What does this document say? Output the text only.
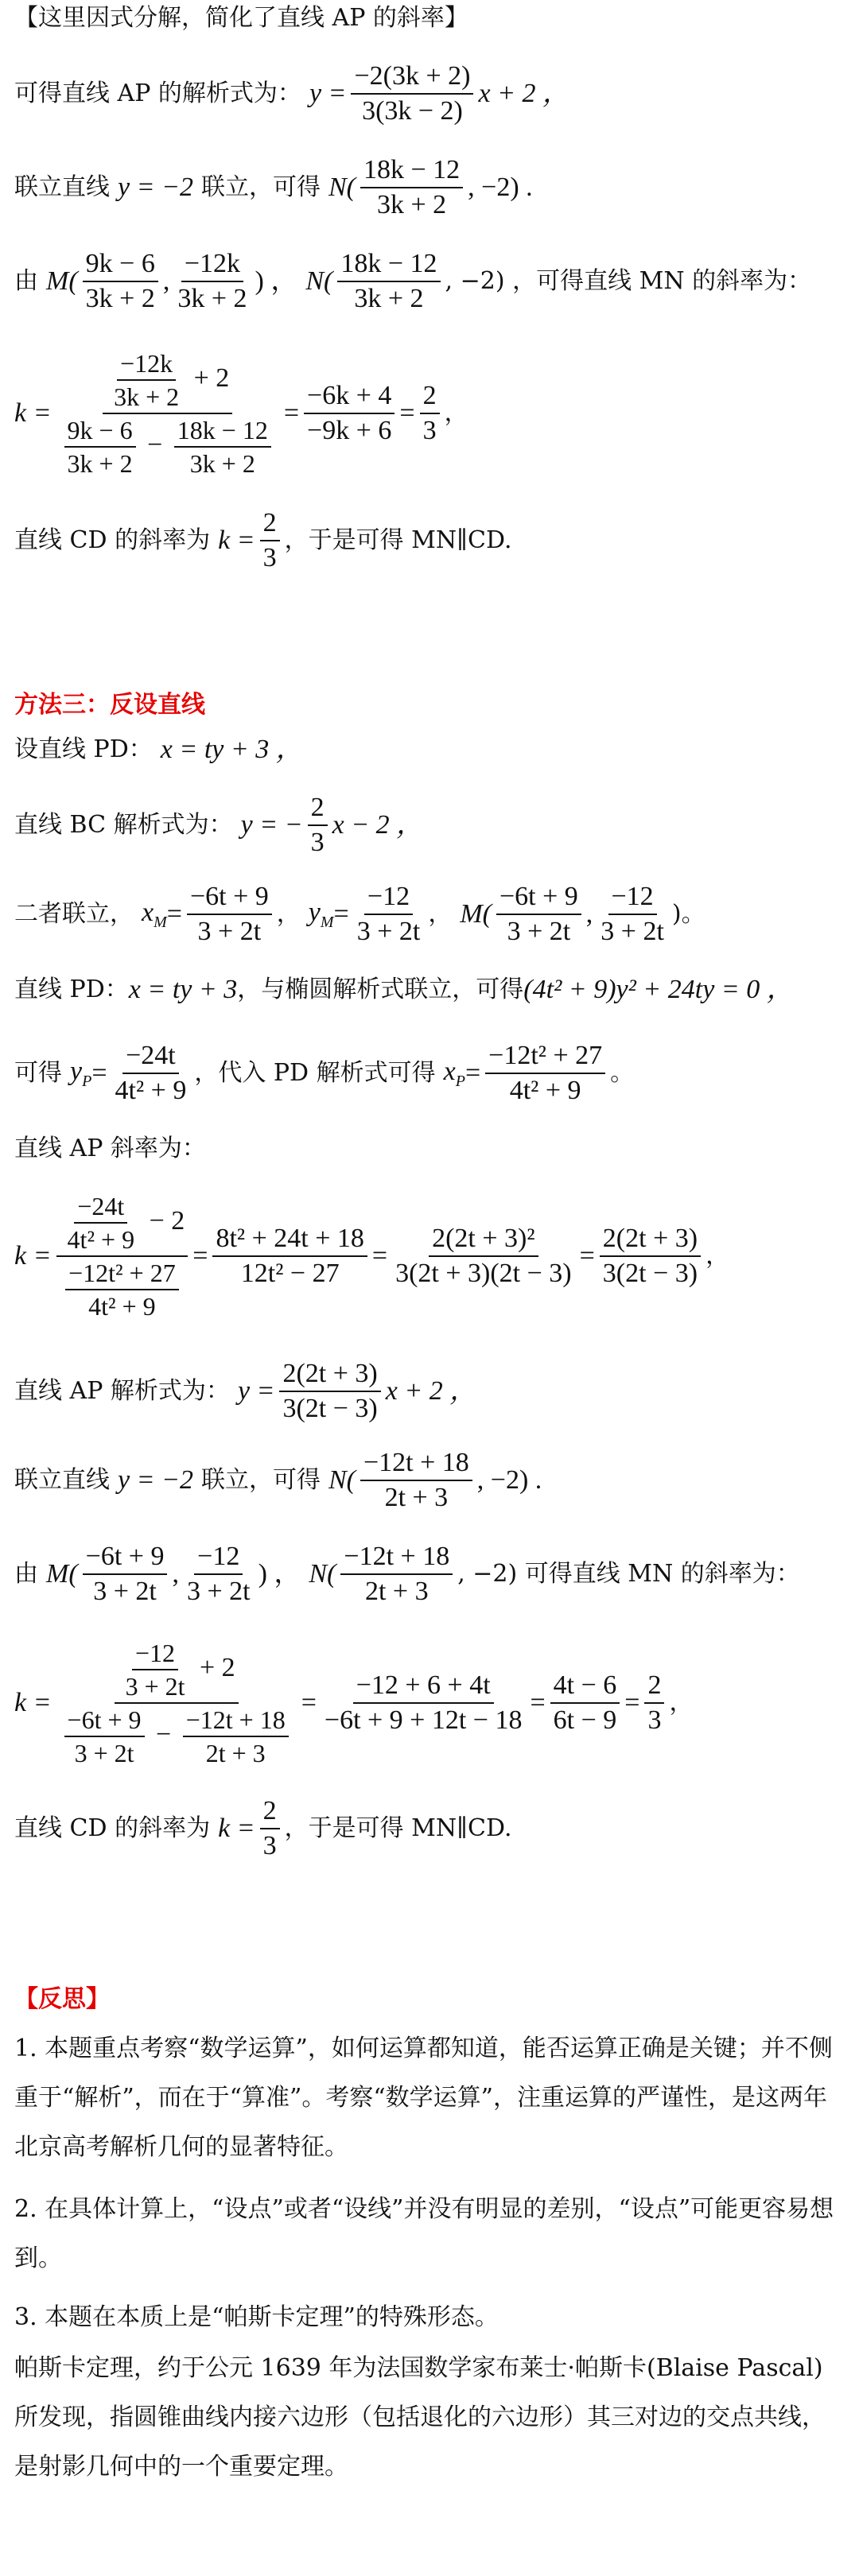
【这里因式分解，简化了直线 AP 的斜率】
可得直线 AP 的解析式为： $y = \frac{-2(3k + 2)}{3(3k - 2)}$ x + 2 ，
联立直线 y = −2 联立，可得 $N( \frac{18k - 12}{3k + 2}$ , −2) .
由 $M( \frac{9k - 6}{3k + 2}$ , $\frac{-12k}{3k + 2}$ ) ， $N( \frac{18k - 12}{3k + 2}$ , −2) ，可得直线 MN 的斜率为：
$k = \frac{\frac{-12k}{3k + 2} + 2}{\frac{9k - 6}{3k + 2} - \frac{18k - 12}{3k + 2}} = \frac{-6k + 4}{-9k + 6} = \frac{2}{3}$ ，
直线 CD 的斜率为 $k = \frac{2}{3}$ ，于是可得 MN∥CD.
方法三：反设直线
设直线 PD： x = ty + 3 ，
直线 BC 解析式为： y = − $\frac{2}{3}$ x − 2 ，
二者联立， $x_M = \frac{-6t + 9}{3 + 2t}$ ， $y_M = \frac{-12}{3 + 2t}$ ， $M( \frac{-6t + 9}{3 + 2t}$ , $\frac{-12}{3 + 2t}$ )。
直线 PD： x = ty + 3 ，与椭圆解析式联立，可得 (4t² + 9)y² + 24ty = 0 ，
可得 $y_P = \frac{-24t}{\text{4t² + 9}}$ ，代入 PD 解析式可得 $x_P = \frac{\text{−12t² + 27}}{\text{4t² + 9}}$ 。
直线 AP 斜率为：
$k = \frac{\frac{-24t}{\text{4t² + 9}} - 2}{\frac{\text{−12t² + 27}}{\text{4t² + 9}}} = \frac{\text{8t² + 24t + 18}}{\text{12t² − 27}} = \frac{\text{2(2t + 3)²}}{3(2t + 3)(2t - 3)} = \frac{2(2t + 3)}{3(2t - 3)}$ ，
直线 AP 解析式为： $y = \frac{2(2t + 3)}{3(2t - 3)}$ x + 2 ，
联立直线 y = −2 联立，可得 $N( \frac{-12t + 18}{2t + 3}$ , −2) .
由 $M( \frac{-6t + 9}{3 + 2t}$ , $\frac{-12}{3 + 2t}$ ) ， $N( \frac{-12t + 18}{2t + 3}$ , −2) 可得直线 MN 的斜率为：
$k = \frac{\frac{-12}{3 + 2t} + 2}{\frac{-6t + 9}{3 + 2t} - \frac{-12t + 18}{2t + 3}} = \frac{-12 + 6 + 4t}{-6t + 9 + 12t - 18} = \frac{4t - 6}{6t - 9} = \frac{2}{3}$ ，
直线 CD 的斜率为 $k = \frac{2}{3}$ ，于是可得 MN∥CD.
【反思】
1. 本题重点考察“数学运算”，如何运算都知道，能否运算正确是关键；并不侧重于“解析”，而在于“算准”。考察“数学运算”，注重运算的严谨性，是这两年北京高考解析几何的显著特征。
2. 在具体计算上，“设点”或者“设线”并没有明显的差别，“设点”可能更容易想到。
3. 本题在本质上是“帕斯卡定理”的特殊形态。
帕斯卡定理，约于公元 1639 年为法国数学家布莱士·帕斯卡(Blaise Pascal)所发现，指圆锥曲线内接六边形（包括退化的六边形）其三对边的交点共线，是射影几何中的一个重要定理。
